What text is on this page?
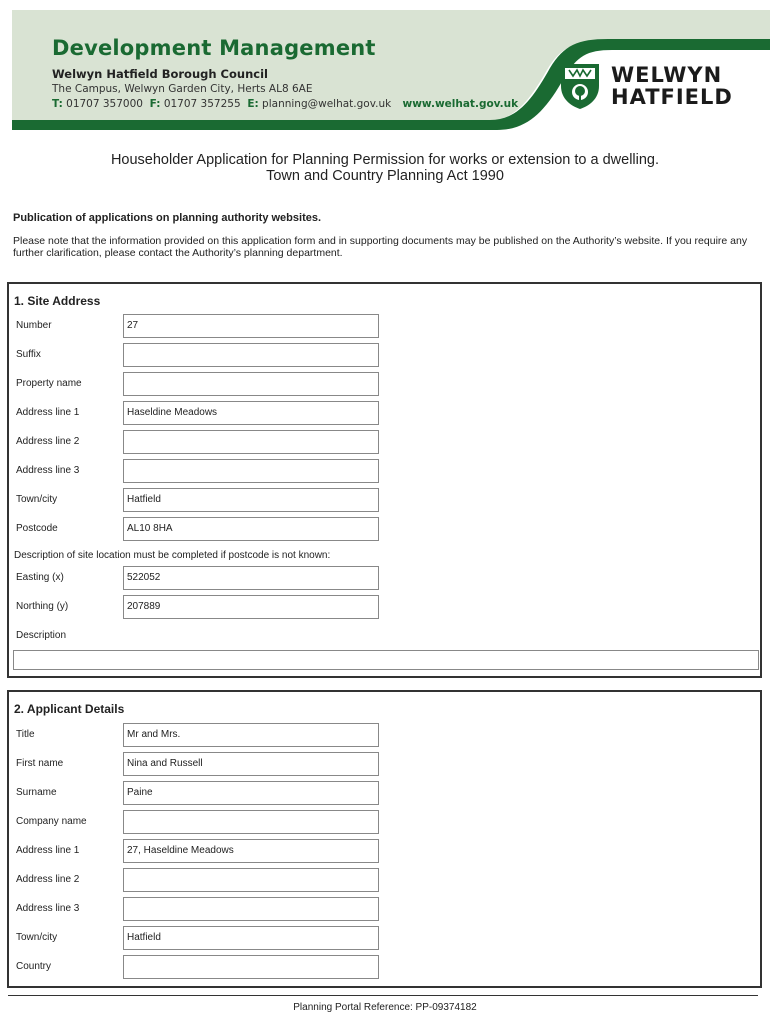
Development Management
Welwyn Hatfield Borough Council
The Campus, Welwyn Garden City, Herts AL8 6AE
T: 01707 357000 F: 01707 357255 E: planning@welhat.gov.uk www.welhat.gov.uk
WELWYN
HATFIELD
Householder Application for Planning Permission for works or extension to a dwelling.
Town and Country Planning Act 1990
Publication of applications on planning authority websites.
Please note that the information provided on this application form and in supporting documents may be published on the Authority’s website. If you require any further clarification, please contact the Authority’s planning department.
1. Site Address
Number	27
Suffix
Property name
Address line 1	Haseldine Meadows
Address line 2
Address line 3
Town/city	Hatfield
Postcode	AL10 8HA
Description of site location must be completed if postcode is not known:
Easting (x)	522052
Northing (y)	207889
Description
2. Applicant Details
Title	Mr and Mrs.
First name	Nina and Russell
Surname	Paine
Company name
Address line 1	27, Haseldine Meadows
Address line 2
Address line 3
Town/city	Hatfield
Country
Planning Portal Reference: PP-09374182
